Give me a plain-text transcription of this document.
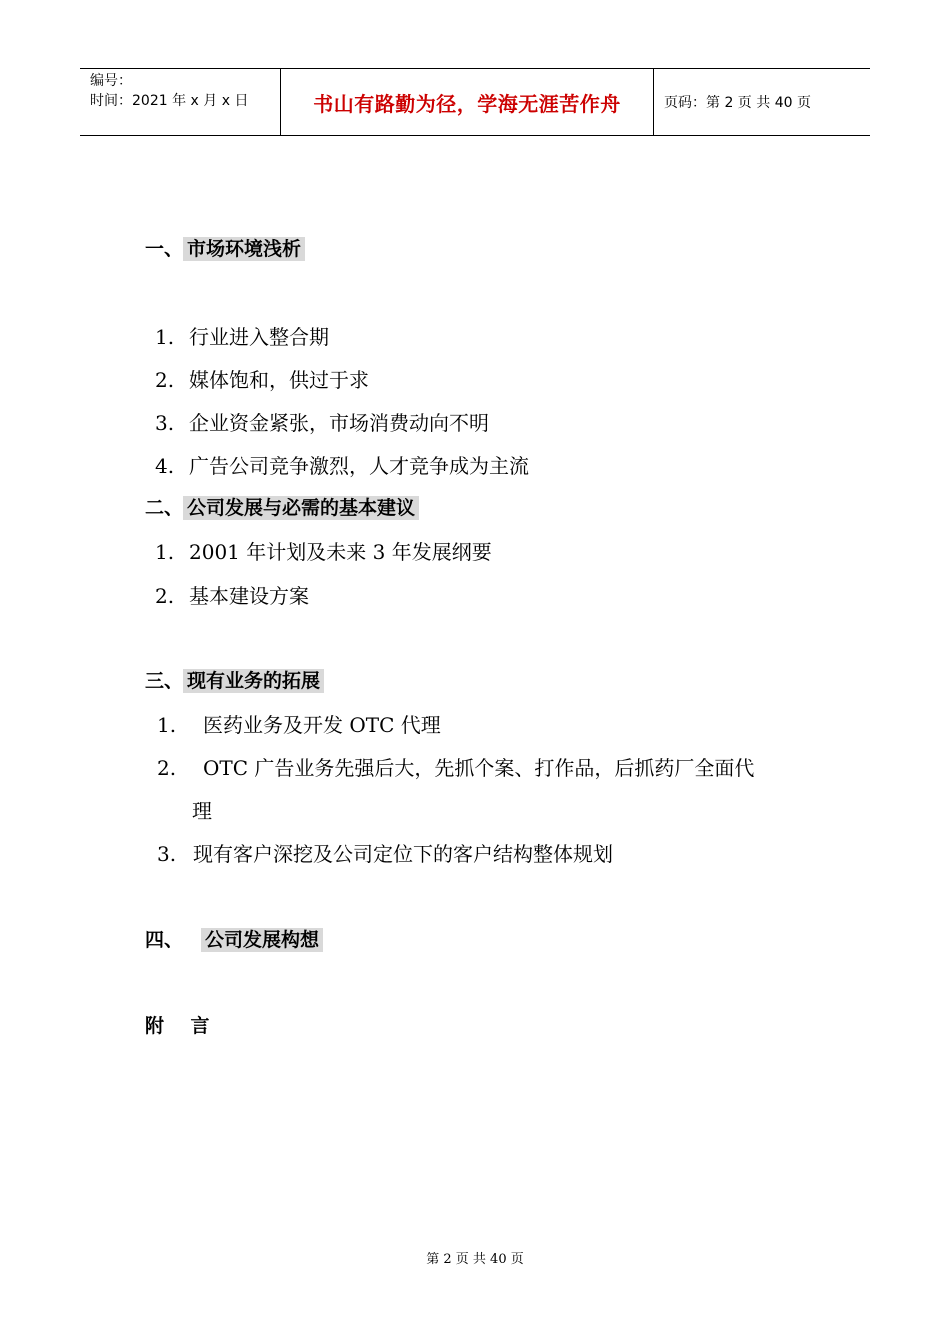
编号：
时间：2021 年 x 月 x 日	书山有路勤为径，学海无涯苦作舟	页码：第 2 页 共 40 页
一、 市场环境浅析
1. 行业进入整合期
2. 媒体饱和，供过于求
3. 企业资金紧张，市场消费动向不明
4. 广告公司竞争激烈，人才竞争成为主流
二、 公司发展与必需的基本建议
1. 2001 年计划及未来 3 年发展纲要
2. 基本建设方案
三、 现有业务的拓展
1. 医药业务及开发 OTC 代理
2. OTC 广告业务先强后大，先抓个案、打作品，后抓药厂全面代
理
3. 现有客户深挖及公司定位下的客户结构整体规划
四、 公司发展构想
附    言
第 2 页 共 40 页
